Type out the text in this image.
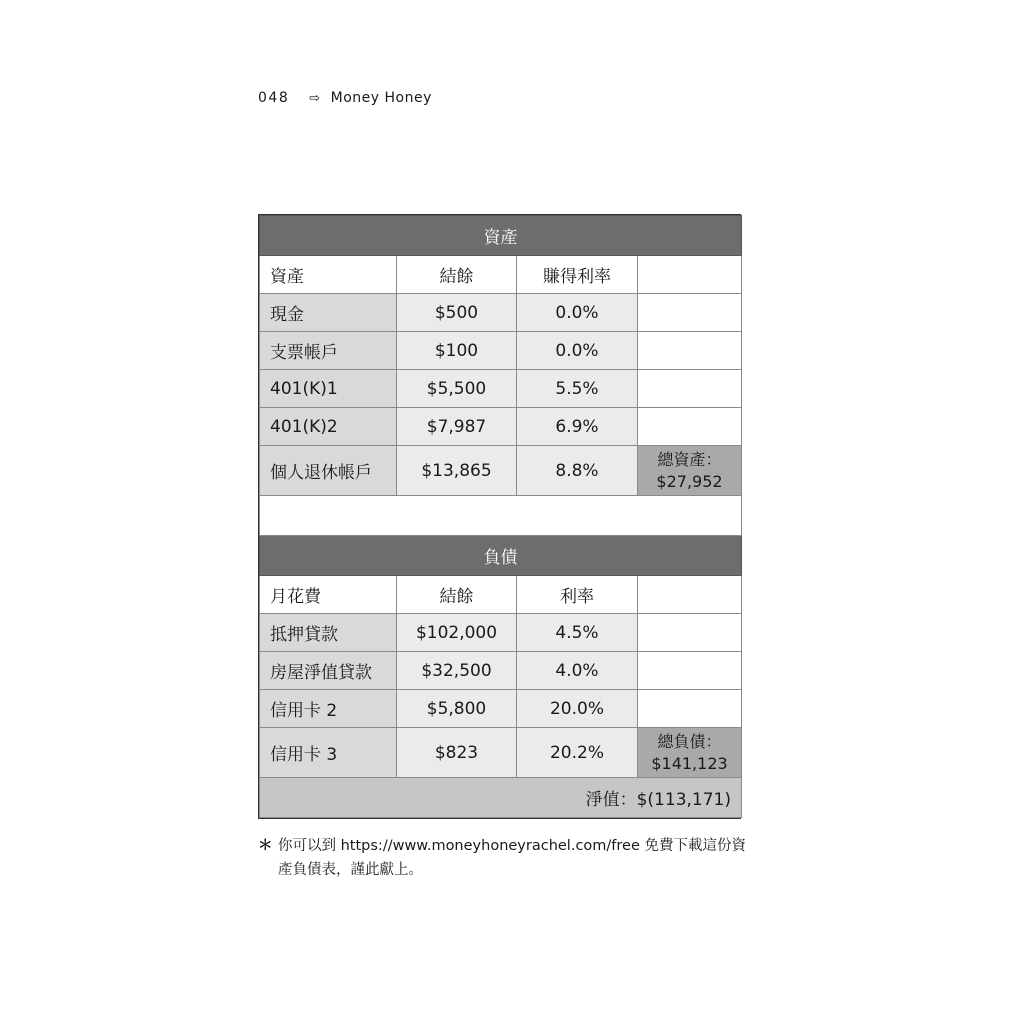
048 ⇨ Money Honey
資產			
資產	結餘	賺得利率	
現金	$500	0.0%	
支票帳戶	$100	0.0%	
401(K)1	$5,500	5.5%	
401(K)2	$7,987	6.9%	
個人退休帳戶	$13,865	8.8%	總資產：
$27,952

負債			
月花費	結餘	利率	
抵押貸款	$102,000	4.5%	
房屋淨值貸款	$32,500	4.0%	
信用卡 2	$5,800	20.0%	
信用卡 3	$823	20.2%	總負債：
$141,123

淨值：$(113,171)			
＊ 你可以到 https://www.moneyhoneyrachel.com/free 免費下載這份資產負債表，謹此獻上。
